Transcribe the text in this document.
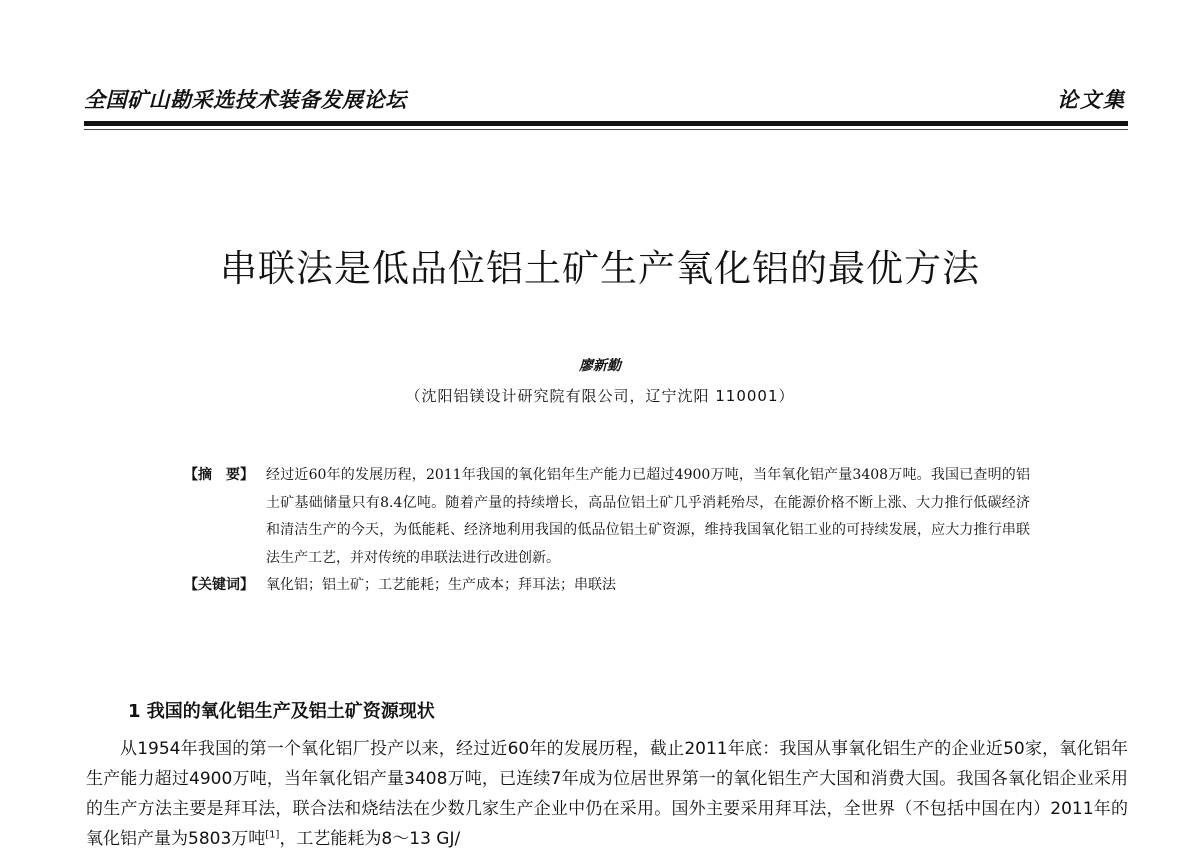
全国矿山勘采选技术装备发展论坛	论文集
串联法是低品位铝土矿生产氧化铝的最优方法
廖新勤
（沈阳铝镁设计研究院有限公司，辽宁沈阳 110001）
【摘　要】 经过近60年的发展历程，2011年我国的氧化铝年生产能力已超过4900万吨，当年氧化铝产量3408万吨。我国已查明的铝土矿基础储量只有8.4亿吨。随着产量的持续增长，高品位铝土矿几乎消耗殆尽，在能源价格不断上涨、大力推行低碳经济和清洁生产的今天，为低能耗、经济地利用我国的低品位铝土矿资源，维持我国氧化铝工业的可持续发展，应大力推行串联法生产工艺，并对传统的串联法进行改进创新。
【关键词】 氧化铝；铝土矿；工艺能耗；生产成本；拜耳法；串联法
1 我国的氧化铝生产及铝土矿资源现状
从1954年我国的第一个氧化铝厂投产以来，经过近60年的发展历程，截止2011年底：我国从事氧化铝生产的企业近50家，氧化铝年生产能力超过4900万吨，当年氧化铝产量3408万吨，已连续7年成为位居世界第一的氧化铝生产大国和消费大国。我国各氧化铝企业采用的生产方法主要是拜耳法，联合法和烧结法在少数几家生产企业中仍在采用。国外主要采用拜耳法，全世界（不包括中国在内）2011年的氧化铝产量为5803万吨[1]，工艺能耗为8～13 GJ/
